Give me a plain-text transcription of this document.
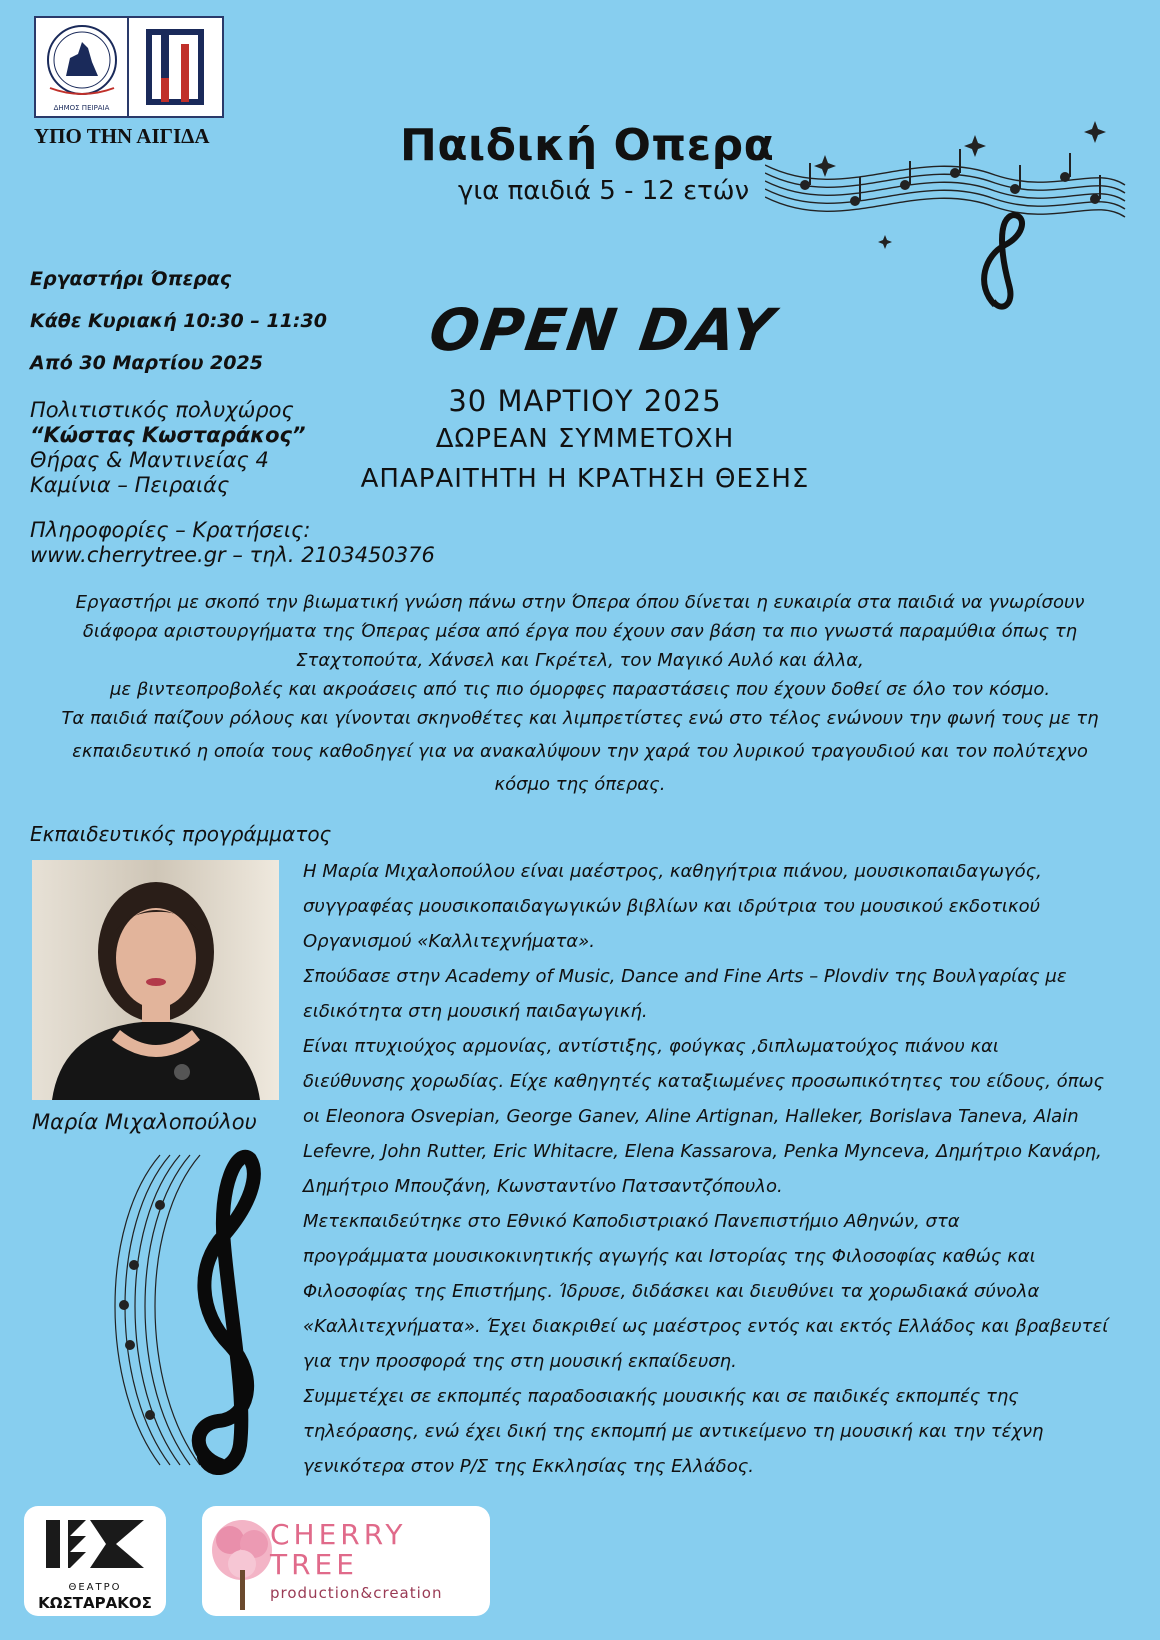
ΔΗΜΟΣ ΠΕΙΡΑΙΑ
ΥΠΟ ΤΗΝ ΑΙΓΙΔΑ	Παιδική Οπερα
για παιδιά 5 - 12 ετών
Εργαστήρι Όπερας
Κάθε Κυριακή 10:30 – 11:30
Από 30 Μαρτίου 2025
Πολιτιστικός πολυχώρος
“Κώστας Κωσταράκος”
Θήρας & Μαντινείας 4
Καμίνια – Πειραιάς
Πληροφορίες – Κρατήσεις:
www.cherrytree.gr – τηλ. 2103450376
OPEN DAY
30 ΜΑΡΤΙΟΥ 2025
ΔΩΡΕΑΝ ΣΥΜΜΕΤΟΧΗ
ΑΠΑΡΑΙΤΗΤΗ Η ΚΡΑΤΗΣΗ ΘΕΣΗΣ
Εργαστήρι με σκοπό την βιωματική γνώση πάνω στην Όπερα όπου δίνεται η ευκαιρία στα παιδιά να γνωρίσουν
διάφορα αριστουργήματα της Όπερας μέσα από έργα που έχουν σαν βάση τα πιο γνωστά παραμύθια όπως τη
Σταχτοπούτα, Χάνσελ και Γκρέτελ, τον Μαγικό Αυλό και άλλα,
με βιντεοπροβολές και ακροάσεις από τις πιο όμορφες παραστάσεις που έχουν δοθεί σε όλο τον κόσμο.
Τα παιδιά παίζουν ρόλους και γίνονται σκηνοθέτες και λιμπρετίστες ενώ στο τέλος ενώνουν την φωνή τους με τη
εκπαιδευτικό η οποία τους καθοδηγεί για να ανακαλύψουν την χαρά του λυρικού τραγουδιού και τον πολύτεχνο
κόσμο της όπερας.
Εκπαιδευτικός προγράμματος
Μαρία Μιχαλοπούλου

Η Μαρία Μιχαλοπούλου είναι μαέστρος, καθηγήτρια πιάνου, μουσικοπαιδαγωγός,

συγγραφέας μουσικοπαιδαγωγικών βιβλίων και ιδρύτρια του μουσικού εκδοτικού

Οργανισμού «Καλλιτεχνήματα».

Σπούδασε στην Academy of Music, Dance and Fine Arts – Plovdiv της Βουλγαρίας με

ειδικότητα στη μουσική παιδαγωγική.

Είναι πτυχιούχος αρμονίας, αντίστιξης, φούγκας ,διπλωματούχος πιάνου και

διεύθυνσης χορωδίας. Είχε καθηγητές καταξιωμένες προσωπικότητες του είδους, όπως

οι Eleonora Osvepian, George Ganev, Aline Artignan, Halleker, Borislava Taneva, Alain

Lefevre, John Rutter, Eric Whitacre, Elena Kassarova, Penka Mynceva, Δημήτριο Κανάρη,

Δημήτριο Μπουζάνη, Κωνσταντίνο Πατσαντζόπουλο.

Μετεκπαιδεύτηκε στο Εθνικό Καποδιστριακό Πανεπιστήμιο Αθηνών, στα

προγράμματα μουσικοκινητικής αγωγής και Ιστορίας της Φιλοσοφίας καθώς και

Φιλοσοφίας της Επιστήμης. Ίδρυσε, διδάσκει και διευθύνει τα χορωδιακά σύνολα

«Καλλιτεχνήματα». Έχει διακριθεί ως μαέστρος εντός και εκτός Ελλάδος και βραβευτεί

για την προσφορά της στη μουσική εκπαίδευση.

Συμμετέχει σε εκπομπές παραδοσιακής μουσικής και σε παιδικές εκπομπές της

τηλεόρασης, ενώ έχει δική της εκπομπή με αντικείμενο τη μουσική και την τέχνη

γενικότερα στον Ρ/Σ της Εκκλησίας της Ελλάδος.

ΘΕΑΤΡΟ
ΚΩΣΤΑΡΑΚΟΣ
CHERRY
TREE
production&creation
